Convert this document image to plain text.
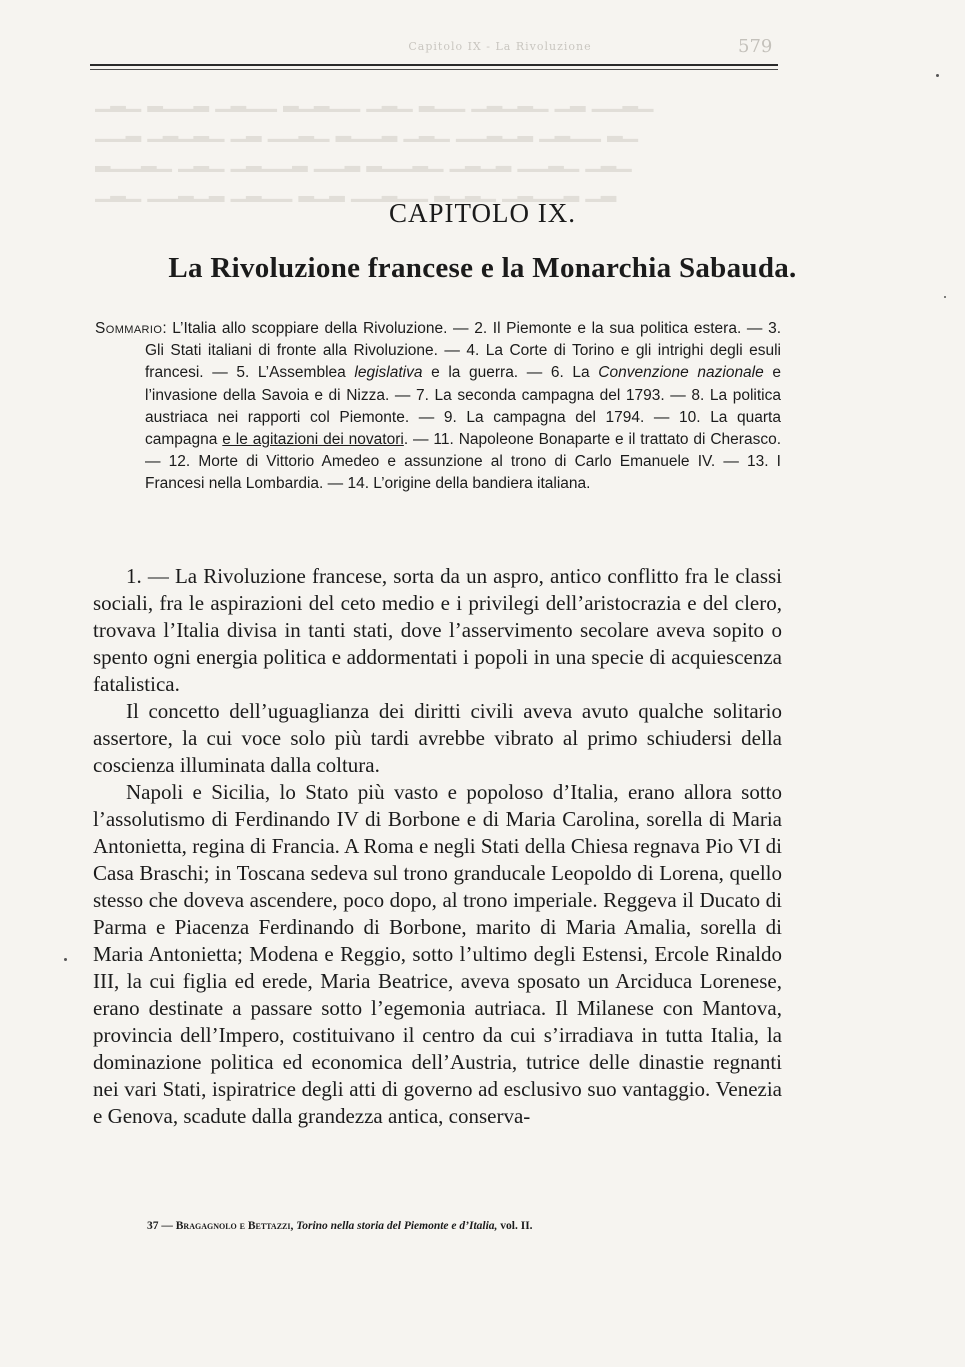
Capitolo IX - La Rivoluzione	579
▁▂▁ ▂▁▁▂ ▁▂▁▁ ▂▁▂▁▁ ▁▂▁ ▂▁▁ ▁▂▁▂▁ ▁▂ ▁▁▂▁
▁▁▂ ▁▂▁▂▁ ▁▂ ▁▁▂▁ ▂▁▁▂ ▁▂▁ ▁▁▂▁▂ ▁▂▁▁ ▂▁
▂▁▁▂▁ ▁▂▁ ▁▂▁▁▂ ▁▁▂ ▂▁▁▂▁ ▁▂▁▂ ▁▁▂▁ ▁▂▁
▁▂▁ ▁▁▂▁▂ ▁▂▁▁ ▂▁▂ ▁▁▂▁▁ ▂▁▂▁ ▁▂▁▁▂ ▁▂
CAPITOLO IX.
La Rivoluzione francese e la Monarchia Sabauda.

Sommario: L’Italia allo scoppiare della Rivoluzione. — 2. Il Piemonte e la sua politica estera. — 3. Gli Stati italiani di fronte alla Rivoluzione. — 4. La Corte di Torino e gli intrighi degli esuli francesi. — 5. L’Assemblea legislativa e la guerra. — 6. La Convenzione nazionale e l’invasione della Savoia e di Nizza. — 7. La seconda campagna del 1793. — 8. La politica austriaca nei rapporti col Piemonte. — 9. La campagna del 1794. — 10. La quarta campagna e le agitazioni dei novatori. — 11. Napoleone Bonaparte e il trattato di Cherasco. — 12. Morte di Vittorio Amedeo e assunzione al trono di Carlo Emanuele IV. — 13. I Francesi nella Lombardia. — 14. L’origine della bandiera italiana.

1. — La Rivoluzione francese, sorta da un aspro, antico conflitto fra le classi sociali, fra le aspirazioni del ceto medio e i privilegi dell’aristocrazia e del clero, trovava l’Italia divisa in tanti stati, dove l’asservimento secolare aveva sopito o spento ogni energia politica e addormentati i popoli in una specie di acquiescenza fatalistica.

Il concetto dell’uguaglianza dei diritti civili aveva avuto qualche solitario assertore, la cui voce solo più tardi avrebbe vibrato al primo schiudersi della coscienza illuminata dalla coltura.

Napoli e Sicilia, lo Stato più vasto e popoloso d’Italia, erano allora sotto l’assolutismo di Ferdinando IV di Borbone e di Maria Carolina, sorella di Maria Antonietta, regina di Francia. A Roma e negli Stati della Chiesa regnava Pio VI di Casa Braschi; in Toscana sedeva sul trono granducale Leopoldo di Lorena, quello stesso che doveva ascendere, poco dopo, al trono imperiale. Reggeva il Ducato di Parma e Piacenza Ferdinando di Borbone, marito di Maria Amalia, sorella di Maria Antonietta; Modena e Reggio, sotto l’ultimo degli Estensi, Ercole Rinaldo III, la cui figlia ed erede, Maria Beatrice, aveva sposato un Arciduca Lorenese, erano destinate a passare sotto l’egemonia autriaca. Il Milanese con Mantova, provincia dell’Impero, costituivano il centro da cui s’irradiava in tutta Italia, la dominazione politica ed economica dell’Austria, tutrice delle dinastie regnanti nei vari Stati, ispiratrice degli atti di governo ad esclusivo suo vantaggio. Venezia e Genova, scadute dalla grandezza antica, conserva-

37 — Bragagnolo e Bettazzi, Torino nella storia del Piemonte e d’Italia, vol. II.
